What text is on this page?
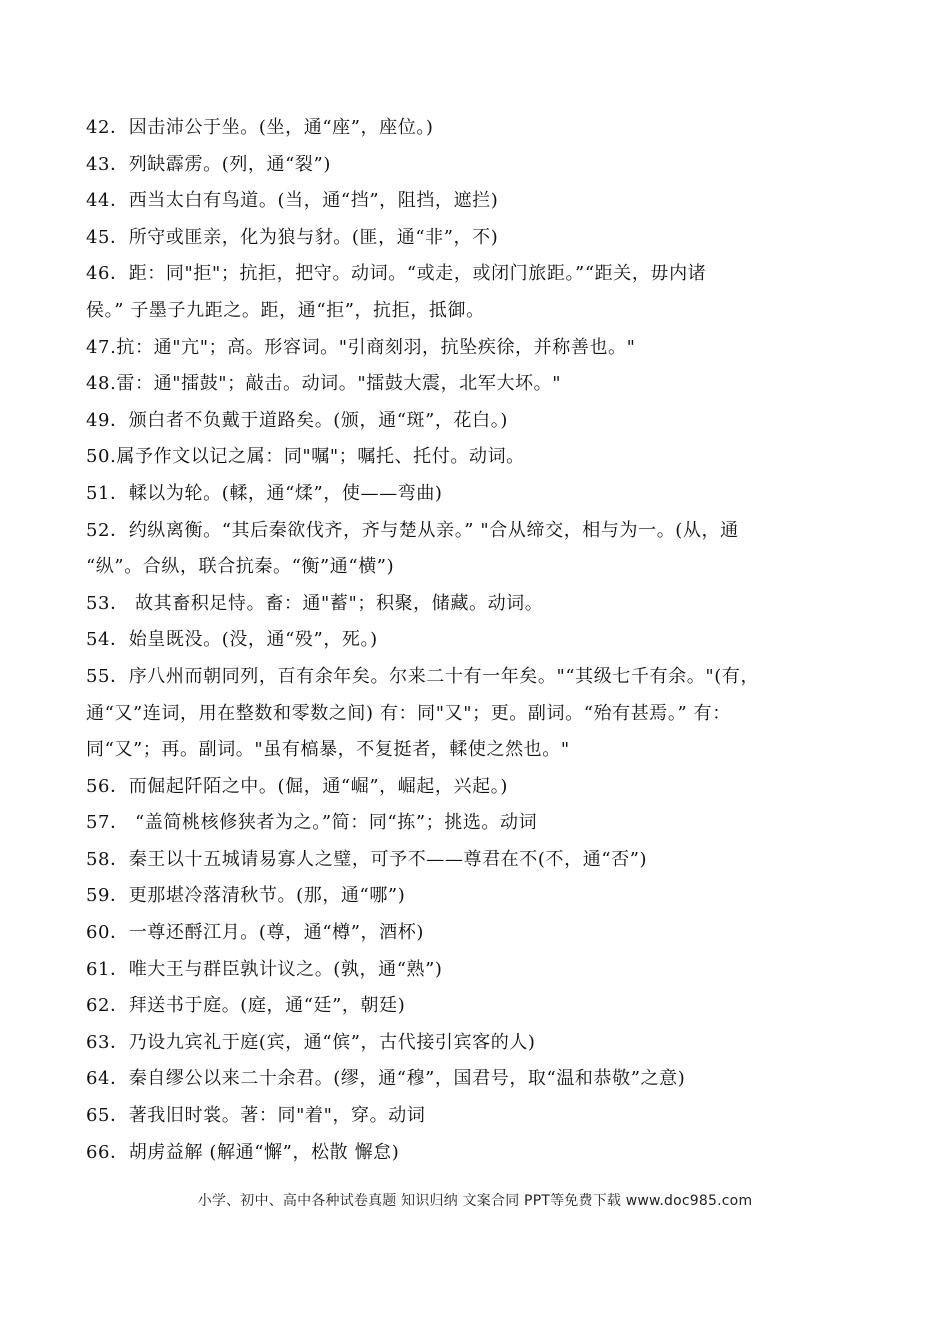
42．因击沛公于坐。(坐，通“座”，座位。)
43．列缺霹雳。(列，通“裂”)
44．西当太白有鸟道。(当，通“挡”，阻挡，遮拦)
45．所守或匪亲，化为狼与豺。(匪，通“非”，不)
46．距：同"拒"；抗拒，把守。动词。“或走，或闭门旅距。”“距关，毋内诸
侯。” 子墨子九距之。距，通“拒”，抗拒，抵御。
47.抗：通"亢"；高。形容词。"引商刻羽，抗坠疾徐，并称善也。"
48.雷：通"擂鼓"；敲击。动词。"擂鼓大震，北军大坏。"
49．颁白者不负戴于道路矣。(颁，通“斑”，花白。)
50.属予作文以记之属：同"嘱"；嘱托、托付。动词。
51．輮以为轮。(輮，通“煣”，使——弯曲)
52．约纵离衡。“其后秦欲伐齐，齐与楚从亲。” "合从缔交，相与为一。(从，通
“纵”。合纵，联合抗秦。“衡”通“横”)
53． 故其畜积足恃。畜：通"蓄"；积聚，储藏。动词。
54．始皇既没。(没，通“殁”，死。)
55．序八州而朝同列，百有余年矣。尔来二十有一年矣。"“其级七千有余。"(有，
通“又”连词，用在整数和零数之间) 有：同"又"；更。副词。“殆有甚焉。” 有：
同“又”；再。副词。"虽有槁暴，不复挺者，輮使之然也。"
56．而倔起阡陌之中。(倔，通“崛”，崛起，兴起。)
57． “盖简桃核修狭者为之。”简：同“拣”；挑选。动词
58．秦王以十五城请易寡人之璧，可予不——尊君在不(不，通“否”)
59．更那堪冷落清秋节。(那，通“哪”)
60．一尊还酹江月。(尊，通“樽”，酒杯)
61．唯大王与群臣孰计议之。(孰，通“熟”)
62．拜送书于庭。(庭，通“廷”，朝廷)
63．乃设九宾礼于庭(宾，通“傧”，古代接引宾客的人)
64．秦自缪公以来二十余君。(缪，通“穆”，国君号，取“温和恭敬”之意)
65．著我旧时裳。著：同"着"，穿。动词
66．胡虏益解 (解通“懈”，松散 懈怠)
小学、初中、高中各种试卷真题 知识归纳 文案合同 PPT等免费下载 www.doc985.com
